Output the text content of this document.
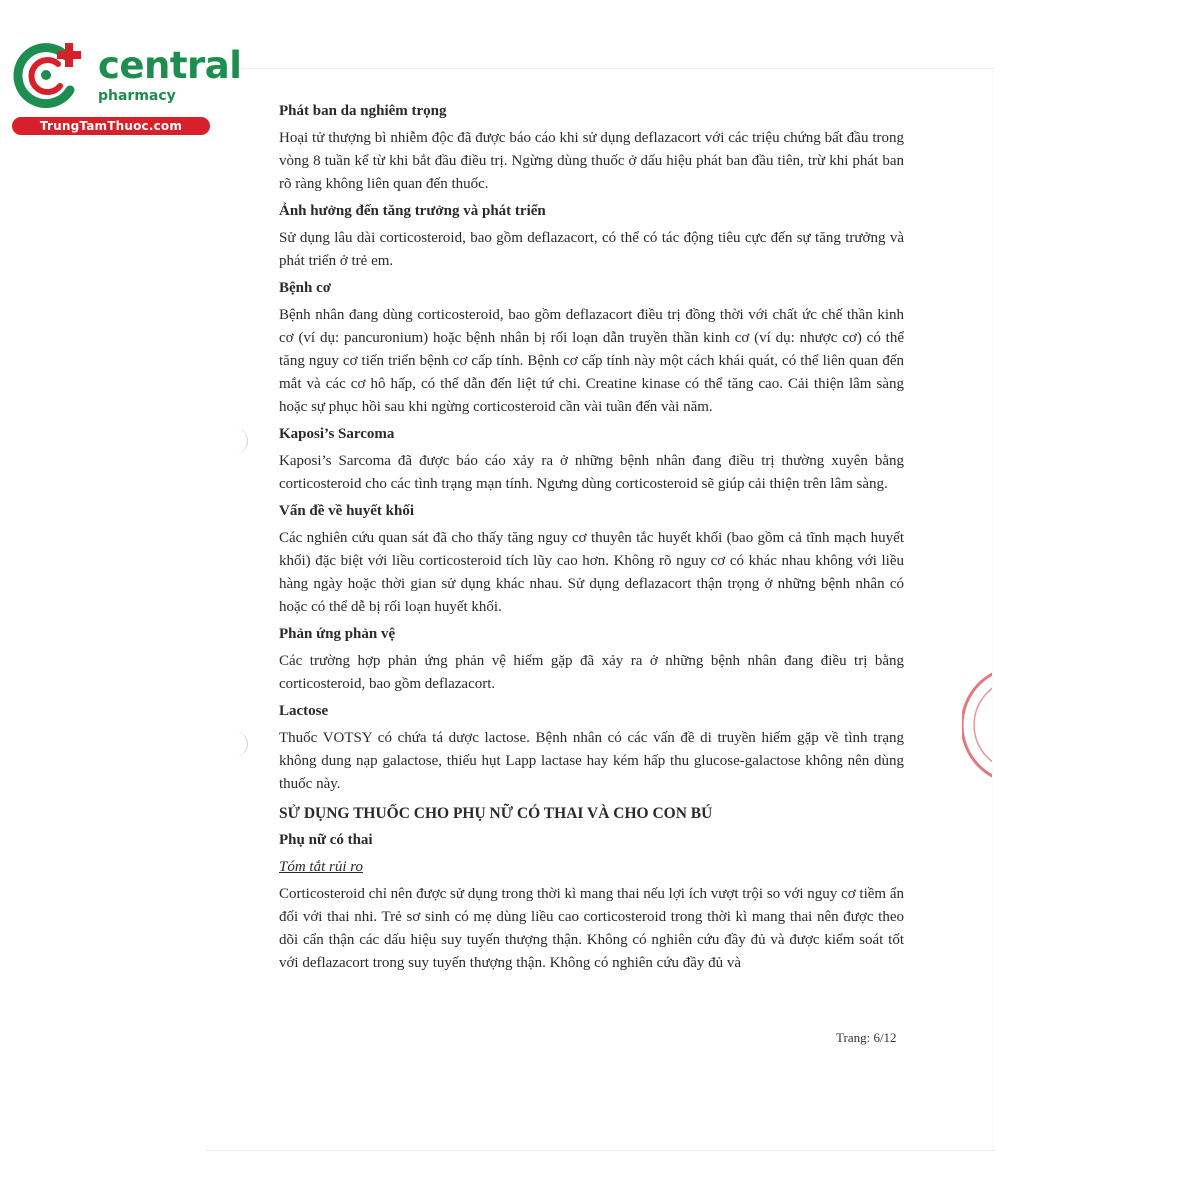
central
pharmacy
TrungTamThuoc.com
Phát ban da nghiêm trọng
Hoại tử thượng bì nhiễm độc đã được báo cáo khi sử dụng deflazacort với các triệu chứng bất đầu trong vòng 8 tuần kể từ khi bắt đầu điều trị. Ngừng dùng thuốc ở dấu hiệu phát ban đầu tiên, trừ khi phát ban rõ ràng không liên quan đến thuốc.
Ảnh hưởng đến tăng trưởng và phát triển
Sử dụng lâu dài corticosteroid, bao gồm deflazacort, có thể có tác động tiêu cực đến sự tăng trưởng và phát triển ở trẻ em.
Bệnh cơ
Bệnh nhân đang dùng corticosteroid, bao gồm deflazacort điều trị đồng thời với chất ức chế thần kinh cơ (ví dụ: pancuronium) hoặc bệnh nhân bị rối loạn dẫn truyền thần kinh cơ (ví dụ: nhược cơ) có thể tăng nguy cơ tiến triển bệnh cơ cấp tính. Bệnh cơ cấp tính này một cách khái quát, có thể liên quan đến mắt và các cơ hô hấp, có thể dẫn đến liệt tứ chi. Creatine kinase có thể tăng cao. Cải thiện lâm sàng hoặc sự phục hồi sau khi ngừng corticosteroid cần vài tuần đến vài năm.
Kaposi’s Sarcoma
Kaposi’s Sarcoma đã được báo cáo xảy ra ở những bệnh nhân đang điều trị thường xuyên bằng corticosteroid cho các tình trạng mạn tính. Ngưng dùng corticosteroid sẽ giúp cải thiện trên lâm sàng.
Vấn đề về huyết khối
Các nghiên cứu quan sát đã cho thấy tăng nguy cơ thuyên tắc huyết khối (bao gồm cả tĩnh mạch huyết khối) đặc biệt với liều corticosteroid tích lũy cao hơn. Không rõ nguy cơ có khác nhau không với liều hàng ngày hoặc thời gian sử dụng khác nhau. Sử dụng deflazacort thận trọng ở những bệnh nhân có hoặc có thể dễ bị rối loạn huyết khối.
Phản ứng phản vệ
Các trường hợp phản ứng phản vệ hiếm gặp đã xảy ra ở những bệnh nhân đang điều trị bằng corticosteroid, bao gồm deflazacort.
Lactose
Thuốc VOTSY có chứa tá dược lactose. Bệnh nhân có các vấn đề di truyền hiếm gặp về tình trạng không dung nạp galactose, thiếu hụt Lapp lactase hay kém hấp thu glucose-galactose không nên dùng thuốc này.
SỬ DỤNG THUỐC CHO PHỤ NỮ CÓ THAI VÀ CHO CON BÚ
Phụ nữ có thai
Tóm tắt rủi ro
Corticosteroid chỉ nên được sử dụng trong thời kì mang thai nếu lợi ích vượt trội so với nguy cơ tiềm ẩn đối với thai nhi. Trẻ sơ sinh có mẹ dùng liều cao corticosteroid trong thời kì mang thai nên được theo dõi cẩn thận các dấu hiệu suy tuyến thượng thận. Không có nghiên cứu đầy đủ và được kiểm soát tốt với deflazacort trong suy tuyến thượng thận. Không có nghiên cứu đầy đủ và
Trang: 6/12
